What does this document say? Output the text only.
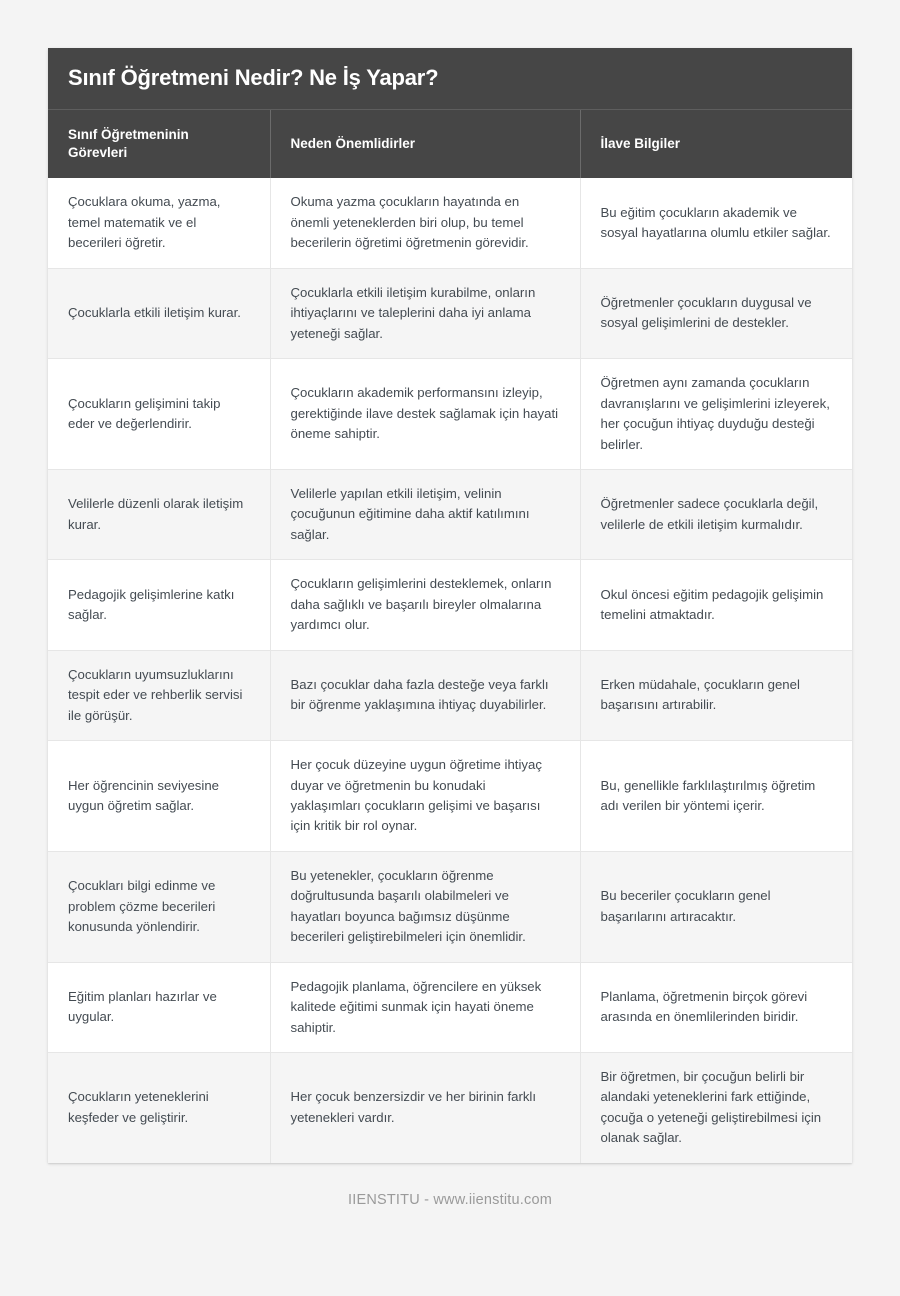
Sınıf Öğretmeni Nedir? Ne İş Yapar?
Sınıf Öğretmeninin Görevleri	Neden Önemlidirler	İlave Bilgiler
Çocuklara okuma, yazma, temel matematik ve el becerileri öğretir.	Okuma yazma çocukların hayatında en önemli yeteneklerden biri olup, bu temel becerilerin öğretimi öğretmenin görevidir.	Bu eğitim çocukların akademik ve sosyal hayatlarına olumlu etkiler sağlar.
Çocuklarla etkili iletişim kurar.	Çocuklarla etkili iletişim kurabilme, onların ihtiyaçlarını ve taleplerini daha iyi anlama yeteneği sağlar.	Öğretmenler çocukların duygusal ve sosyal gelişimlerini de destekler.
Çocukların gelişimini takip eder ve değerlendirir.	Çocukların akademik performansını izleyip, gerektiğinde ilave destek sağlamak için hayati öneme sahiptir.	Öğretmen aynı zamanda çocukların davranışlarını ve gelişimlerini izleyerek, her çocuğun ihtiyaç duyduğu desteği belirler.
Velilerle düzenli olarak iletişim kurar.	Velilerle yapılan etkili iletişim, velinin çocuğunun eğitimine daha aktif katılımını sağlar.	Öğretmenler sadece çocuklarla değil, velilerle de etkili iletişim kurmalıdır.
Pedagojik gelişimlerine katkı sağlar.	Çocukların gelişimlerini desteklemek, onların daha sağlıklı ve başarılı bireyler olmalarına yardımcı olur.	Okul öncesi eğitim pedagojik gelişimin temelini atmaktadır.
Çocukların uyumsuzluklarını tespit eder ve rehberlik servisi ile görüşür.	Bazı çocuklar daha fazla desteğe veya farklı bir öğrenme yaklaşımına ihtiyaç duyabilirler.	Erken müdahale, çocukların genel başarısını artırabilir.
Her öğrencinin seviyesine uygun öğretim sağlar.	Her çocuk düzeyine uygun öğretime ihtiyaç duyar ve öğretmenin bu konudaki yaklaşımları çocukların gelişimi ve başarısı için kritik bir rol oynar.	Bu, genellikle farklılaştırılmış öğretim adı verilen bir yöntemi içerir.
Çocukları bilgi edinme ve problem çözme becerileri konusunda yönlendirir.	Bu yetenekler, çocukların öğrenme doğrultusunda başarılı olabilmeleri ve hayatları boyunca bağımsız düşünme becerileri geliştirebilmeleri için önemlidir.	Bu beceriler çocukların genel başarılarını artıracaktır.
Eğitim planları hazırlar ve uygular.	Pedagojik planlama, öğrencilere en yüksek kalitede eğitimi sunmak için hayati öneme sahiptir.	Planlama, öğretmenin birçok görevi arasında en önemlilerinden biridir.
Çocukların yeteneklerini keşfeder ve geliştirir.	Her çocuk benzersizdir ve her birinin farklı yetenekleri vardır.	Bir öğretmen, bir çocuğun belirli bir alandaki yeteneklerini fark ettiğinde, çocuğa o yeteneği geliştirebilmesi için olanak sağlar.
IIENSTITU - www.iienstitu.com
